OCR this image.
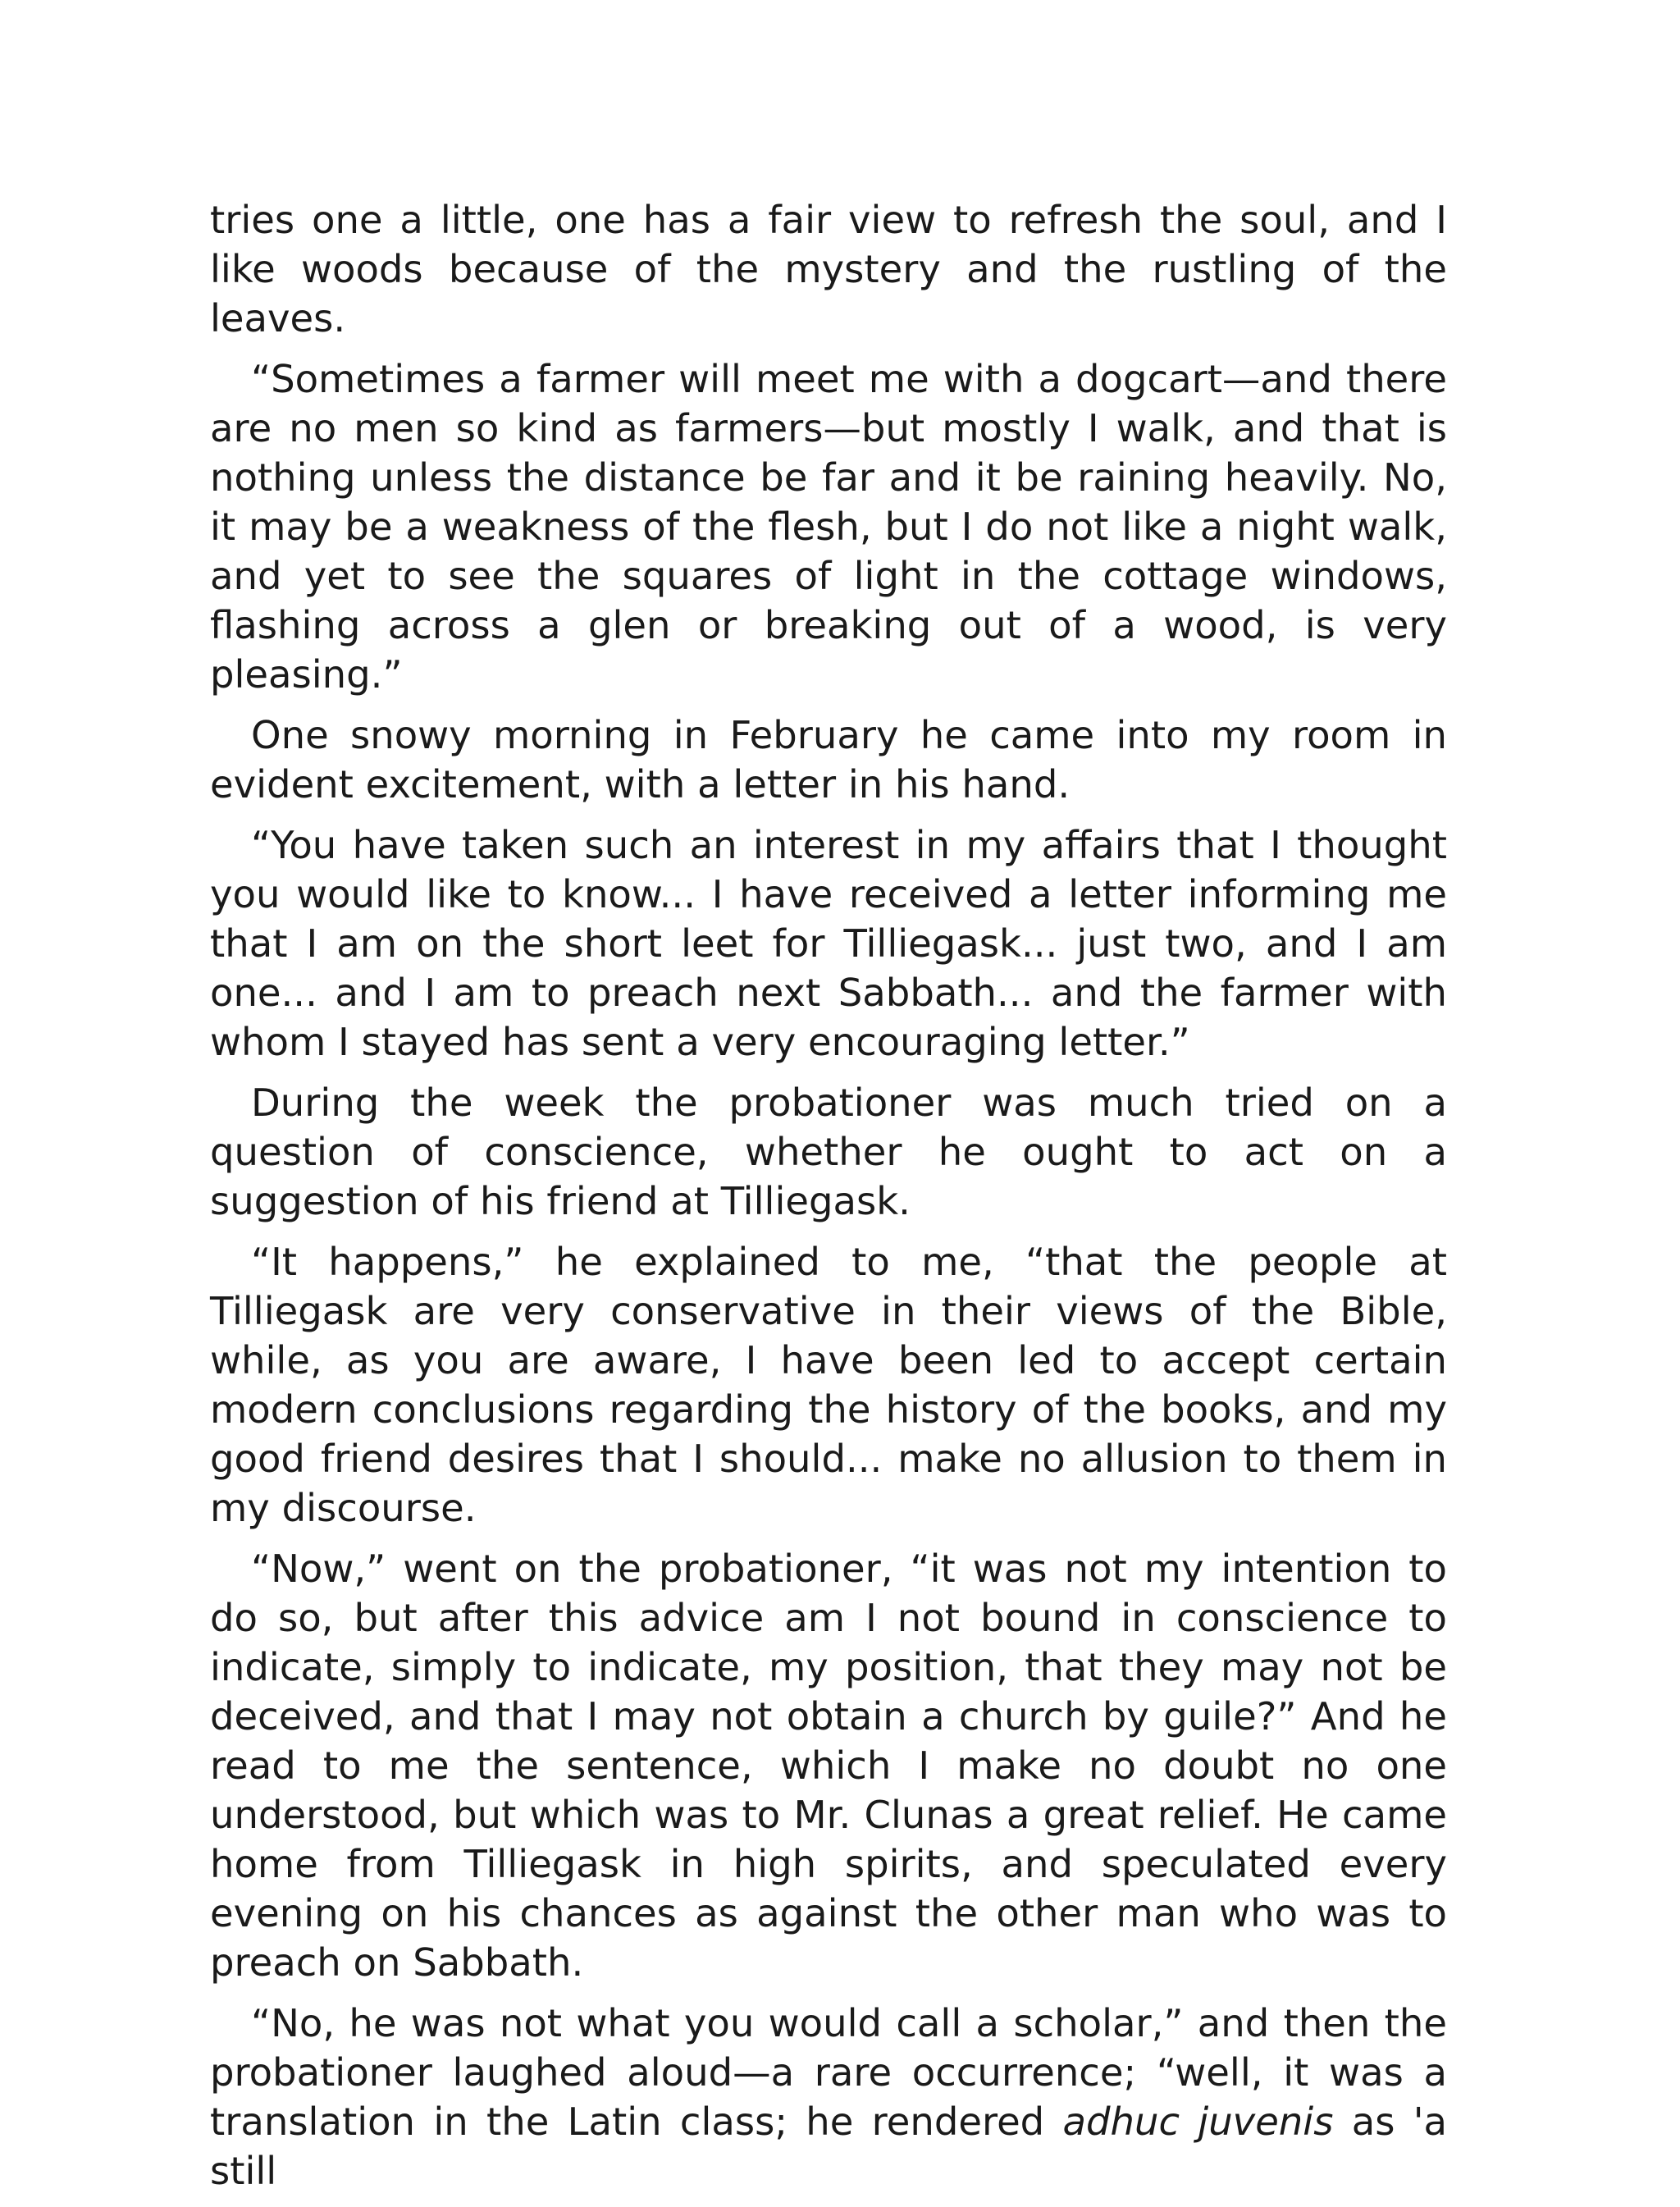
tries one a little, one has a fair view to refresh the soul, and I like woods because of the mystery and the rustling of the leaves.

“Sometimes a farmer will meet me with a dogcart—and there are no men so kind as farmers—but mostly I walk, and that is nothing unless the distance be far and it be raining heavily. No, it may be a weakness of the flesh, but I do not like a night walk, and yet to see the squares of light in the cottage windows, flashing across a glen or breaking out of a wood, is very pleasing.”

One snowy morning in February he came into my room in evident excitement, with a letter in his hand.

“You have taken such an interest in my affairs that I thought you would like to know... I have received a letter informing me that I am on the short leet for Tilliegask... just two, and I am one... and I am to preach next Sabbath... and the farmer with whom I stayed has sent a very encouraging letter.”

During the week the probationer was much tried on a question of conscience, whether he ought to act on a suggestion of his friend at Tilliegask.

“It happens,” he explained to me, “that the people at Tilliegask are very conservative in their views of the Bible, while, as you are aware, I have been led to accept certain modern conclusions regarding the history of the books, and my good friend desires that I should... make no allusion to them in my discourse.

“Now,” went on the probationer, “it was not my intention to do so, but after this advice am I not bound in conscience to indicate, simply to indicate, my position, that they may not be deceived, and that I may not obtain a church by guile?” And he read to me the sentence, which I make no doubt no one understood, but which was to Mr. Clunas a great relief. He came home from Tilliegask in high spirits, and speculated every evening on his chances as against the other man who was to preach on Sabbath.

“No, he was not what you would call a scholar,” and then the probationer laughed aloud—a rare occurrence; “well, it was a translation in the Latin class; he rendered adhuc juvenis as 'a still
